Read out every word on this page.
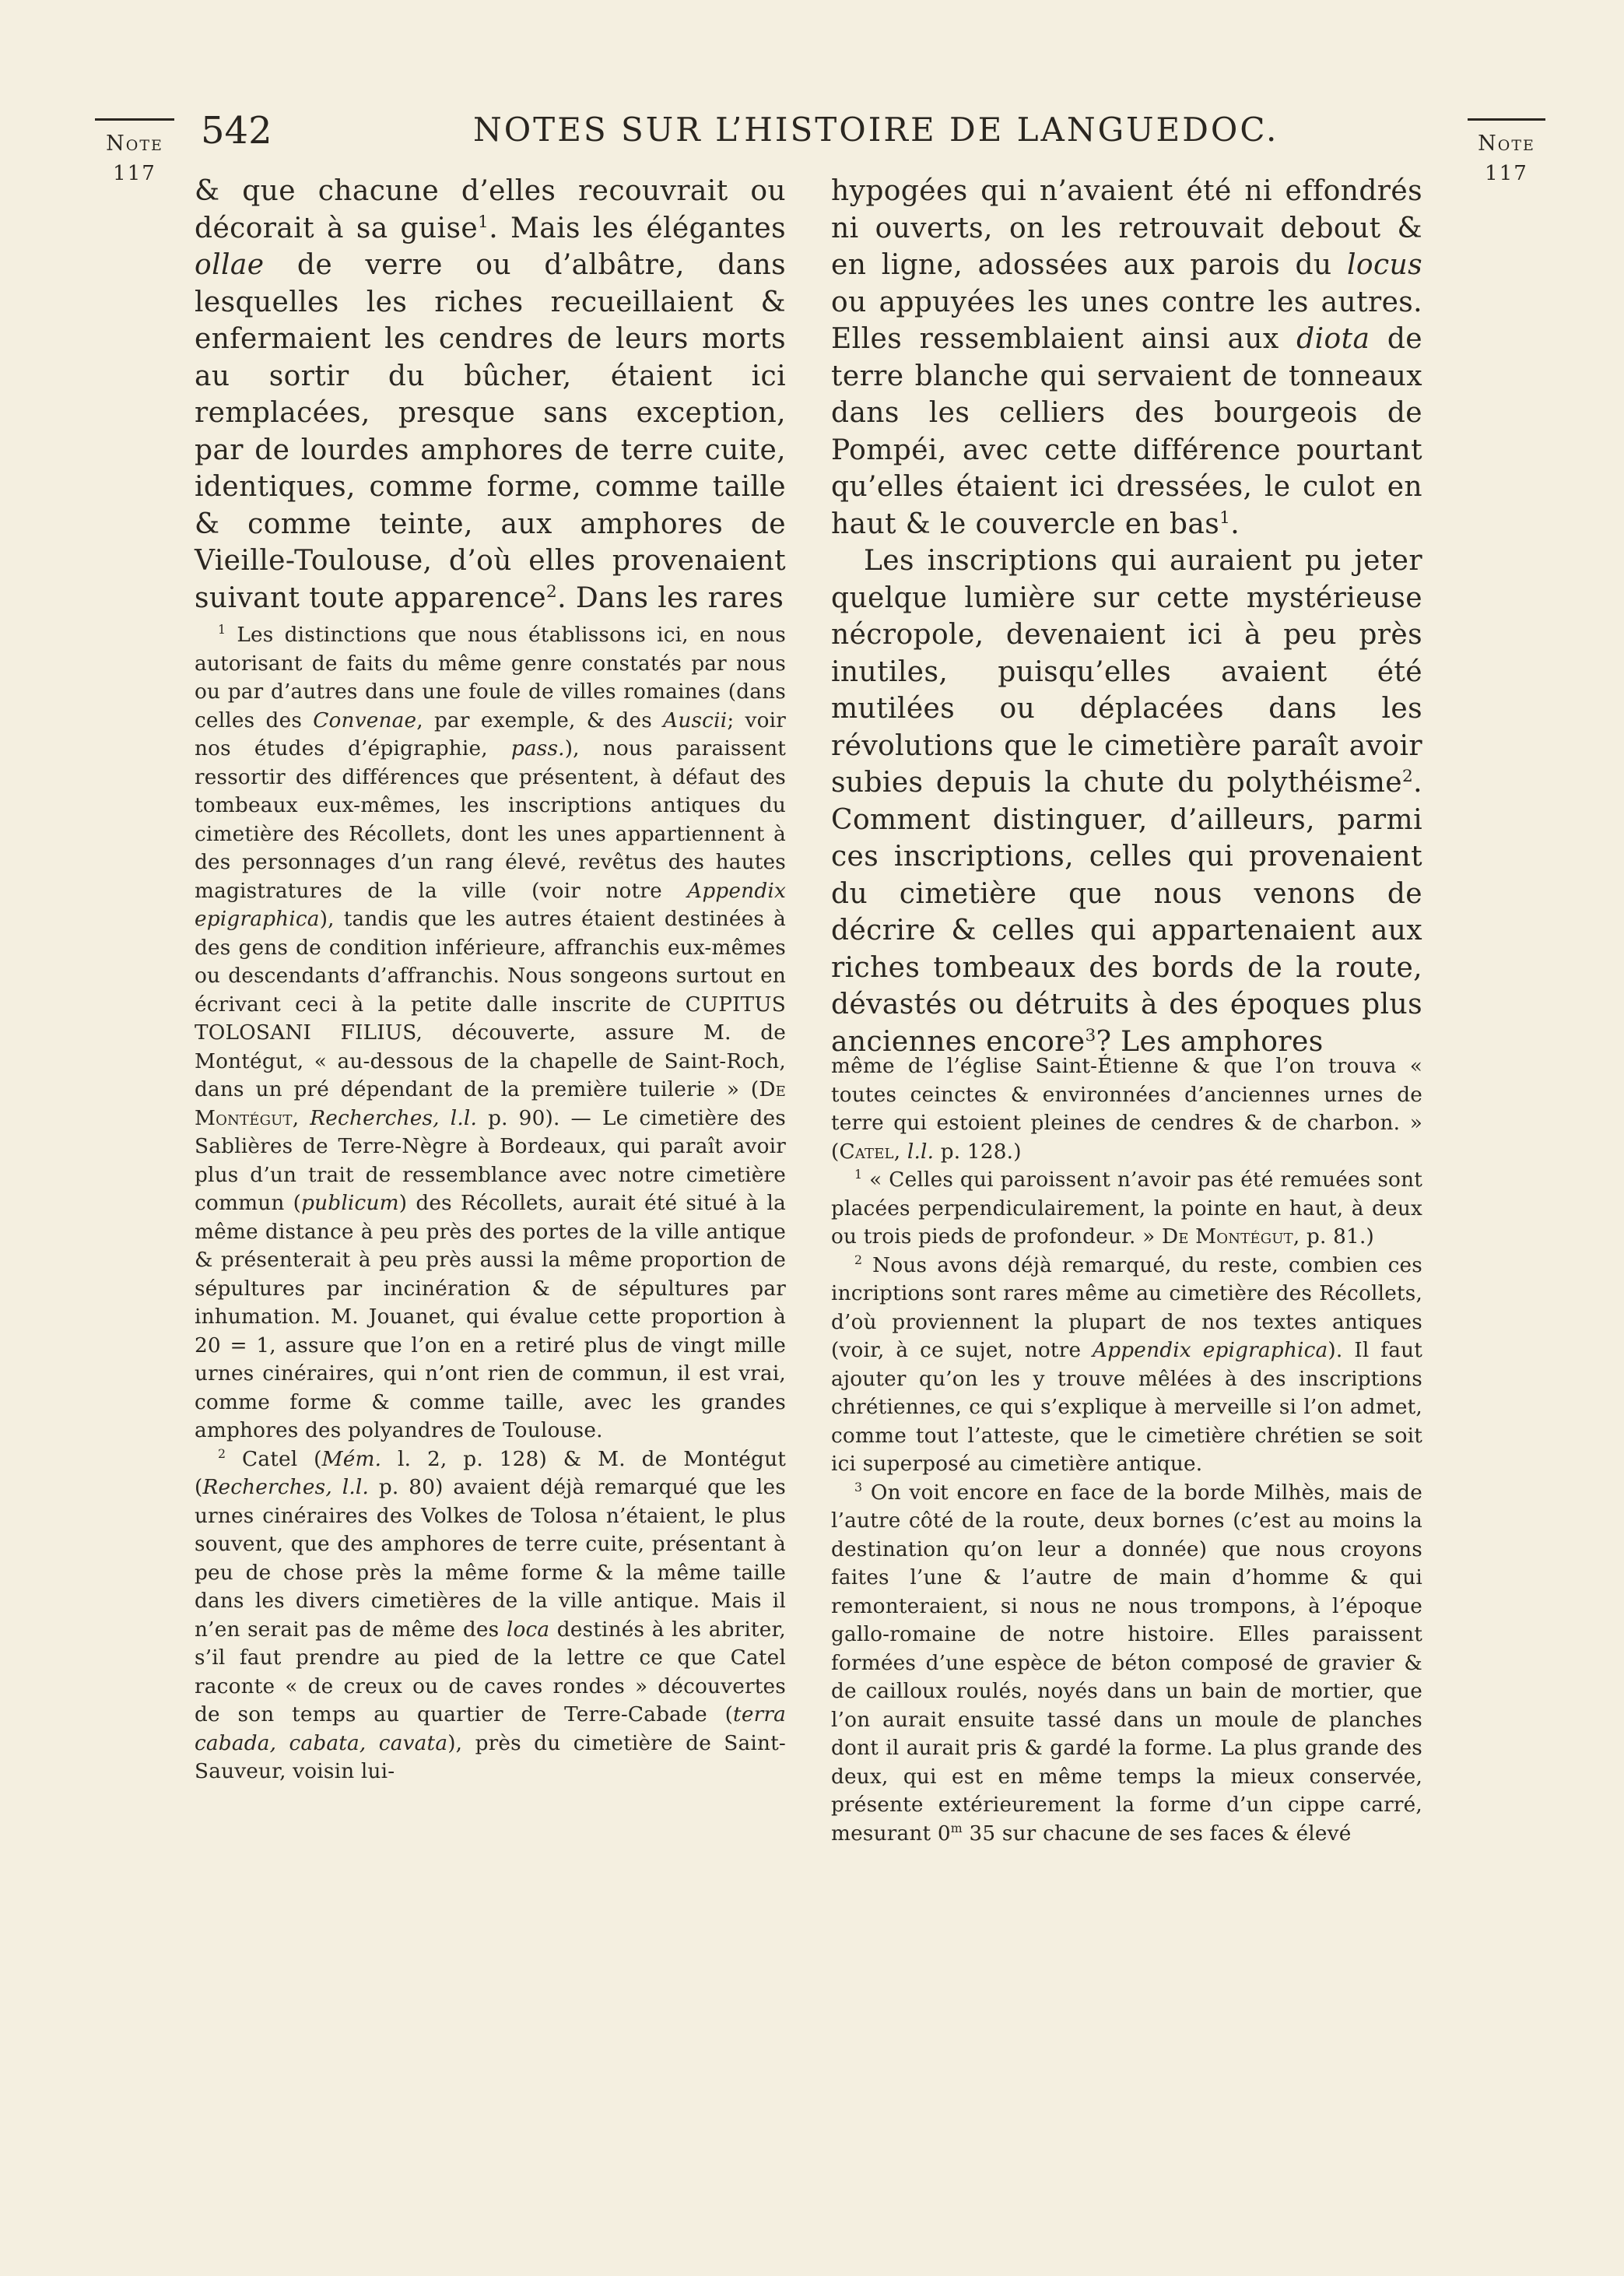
Note
117
Note
117
542	NOTES SUR L’HISTOIRE DE LANGUEDOC.

& que chacune d’elles recouvrait ou décorait à sa guise$^1$. Mais les élégantes ollae de verre ou d’albâtre, dans lesquelles les riches recueillaient & enfermaient les cendres de leurs morts au sortir du bûcher, étaient ici remplacées, presque sans exception, par de lourdes amphores de terre cuite, identiques, comme forme, comme taille & comme teinte, aux amphores de Vieille-Toulouse, d’où elles provenaient suivant toute apparence$^2$. Dans les rares

hypogées qui n’avaient été ni effondrés ni ouverts, on les retrouvait debout & en ligne, adossées aux parois du locus ou appuyées les unes contre les autres. Elles ressemblaient ainsi aux diota de terre blanche qui servaient de tonneaux dans les celliers des bourgeois de Pompéi, avec cette différence pourtant qu’elles étaient ici dressées, le culot en haut & le couvercle en bas$^1$.

Les inscriptions qui auraient pu jeter quelque lumière sur cette mystérieuse nécropole, devenaient ici à peu près inutiles, puisqu’elles avaient été mutilées ou déplacées dans les révolutions que le cimetière paraît avoir subies depuis la chute du polythéisme$^2$. Comment distinguer, d’ailleurs, parmi ces inscriptions, celles qui provenaient du cimetière que nous venons de décrire & celles qui appartenaient aux riches tombeaux des bords de la route, dévastés ou détruits à des époques plus anciennes encore$^3$? Les amphores

$^1$ Les distinctions que nous établissons ici, en nous autorisant de faits du même genre constatés par nous ou par d’autres dans une foule de villes romaines (dans celles des Convenae, par exemple, & des Auscii; voir nos études d’épigraphie, pass.), nous paraissent ressortir des différences que présentent, à défaut des tombeaux eux-mêmes, les inscriptions antiques du cimetière des Récollets, dont les unes appartiennent à des personnages d’un rang élevé, revêtus des hautes magistratures de la ville (voir notre Appendix epigraphica), tandis que les autres étaient destinées à des gens de condition inférieure, affranchis eux-mêmes ou descendants d’affranchis. Nous songeons surtout en écrivant ceci à la petite dalle inscrite de CUPITUS TOLOSANI FILIUS, découverte, assure M. de Montégut, « au-dessous de la chapelle de Saint-Roch, dans un pré dépendant de la première tuilerie » (De Montégut, Recherches, l.l. p. 90). — Le cimetière des Sablières de Terre-Nègre à Bordeaux, qui paraît avoir plus d’un trait de ressemblance avec notre cimetière commun (publicum) des Récollets, aurait été situé à la même distance à peu près des portes de la ville antique & présenterait à peu près aussi la même proportion de sépultures par incinération & de sépultures par inhumation. M. Jouanet, qui évalue cette proportion à 20 = 1, assure que l’on en a retiré plus de vingt mille urnes cinéraires, qui n’ont rien de commun, il est vrai, comme forme & comme taille, avec les grandes amphores des polyandres de Toulouse.

$^2$ Catel (Mém. l. 2, p. 128) & M. de Montégut (Recherches, l.l. p. 80) avaient déjà remarqué que les urnes cinéraires des Volkes de Tolosa n’étaient, le plus souvent, que des amphores de terre cuite, présentant à peu de chose près la même forme & la même taille dans les divers cimetières de la ville antique. Mais il n’en serait pas de même des loca destinés à les abriter, s’il faut prendre au pied de la lettre ce que Catel raconte « de creux ou de caves rondes » découvertes de son temps au quartier de Terre-Cabade (terra cabada, cabata, cavata), près du cimetière de Saint-Sauveur, voisin lui-

même de l’église Saint-Étienne & que l’on trouva « toutes ceinctes & environnées d’anciennes urnes de terre qui estoient pleines de cendres & de charbon. » (Catel, l.l. p. 128.)

$^1$ « Celles qui paroissent n’avoir pas été remuées sont placées perpendiculairement, la pointe en haut, à deux ou trois pieds de profondeur. » De Montégut, p. 81.)

$^2$ Nous avons déjà remarqué, du reste, combien ces incriptions sont rares même au cimetière des Récollets, d’où proviennent la plupart de nos textes antiques (voir, à ce sujet, notre Appendix epigraphica). Il faut ajouter qu’on les y trouve mêlées à des inscriptions chrétiennes, ce qui s’explique à merveille si l’on admet, comme tout l’atteste, que le cimetière chrétien se soit ici superposé au cimetière antique.

$^3$ On voit encore en face de la borde Milhès, mais de l’autre côté de la route, deux bornes (c’est au moins la destination qu’on leur a donnée) que nous croyons faites l’une & l’autre de main d’homme & qui remonteraient, si nous ne nous trompons, à l’époque gallo-romaine de notre histoire. Elles paraissent formées d’une espèce de béton composé de gravier & de cailloux roulés, noyés dans un bain de mortier, que l’on aurait ensuite tassé dans un moule de planches dont il aurait pris & gardé la forme. La plus grande des deux, qui est en même temps la mieux conservée, présente extérieurement la forme d’un cippe carré, mesurant 0$^m$ 35 sur chacune de ses faces & élevé
